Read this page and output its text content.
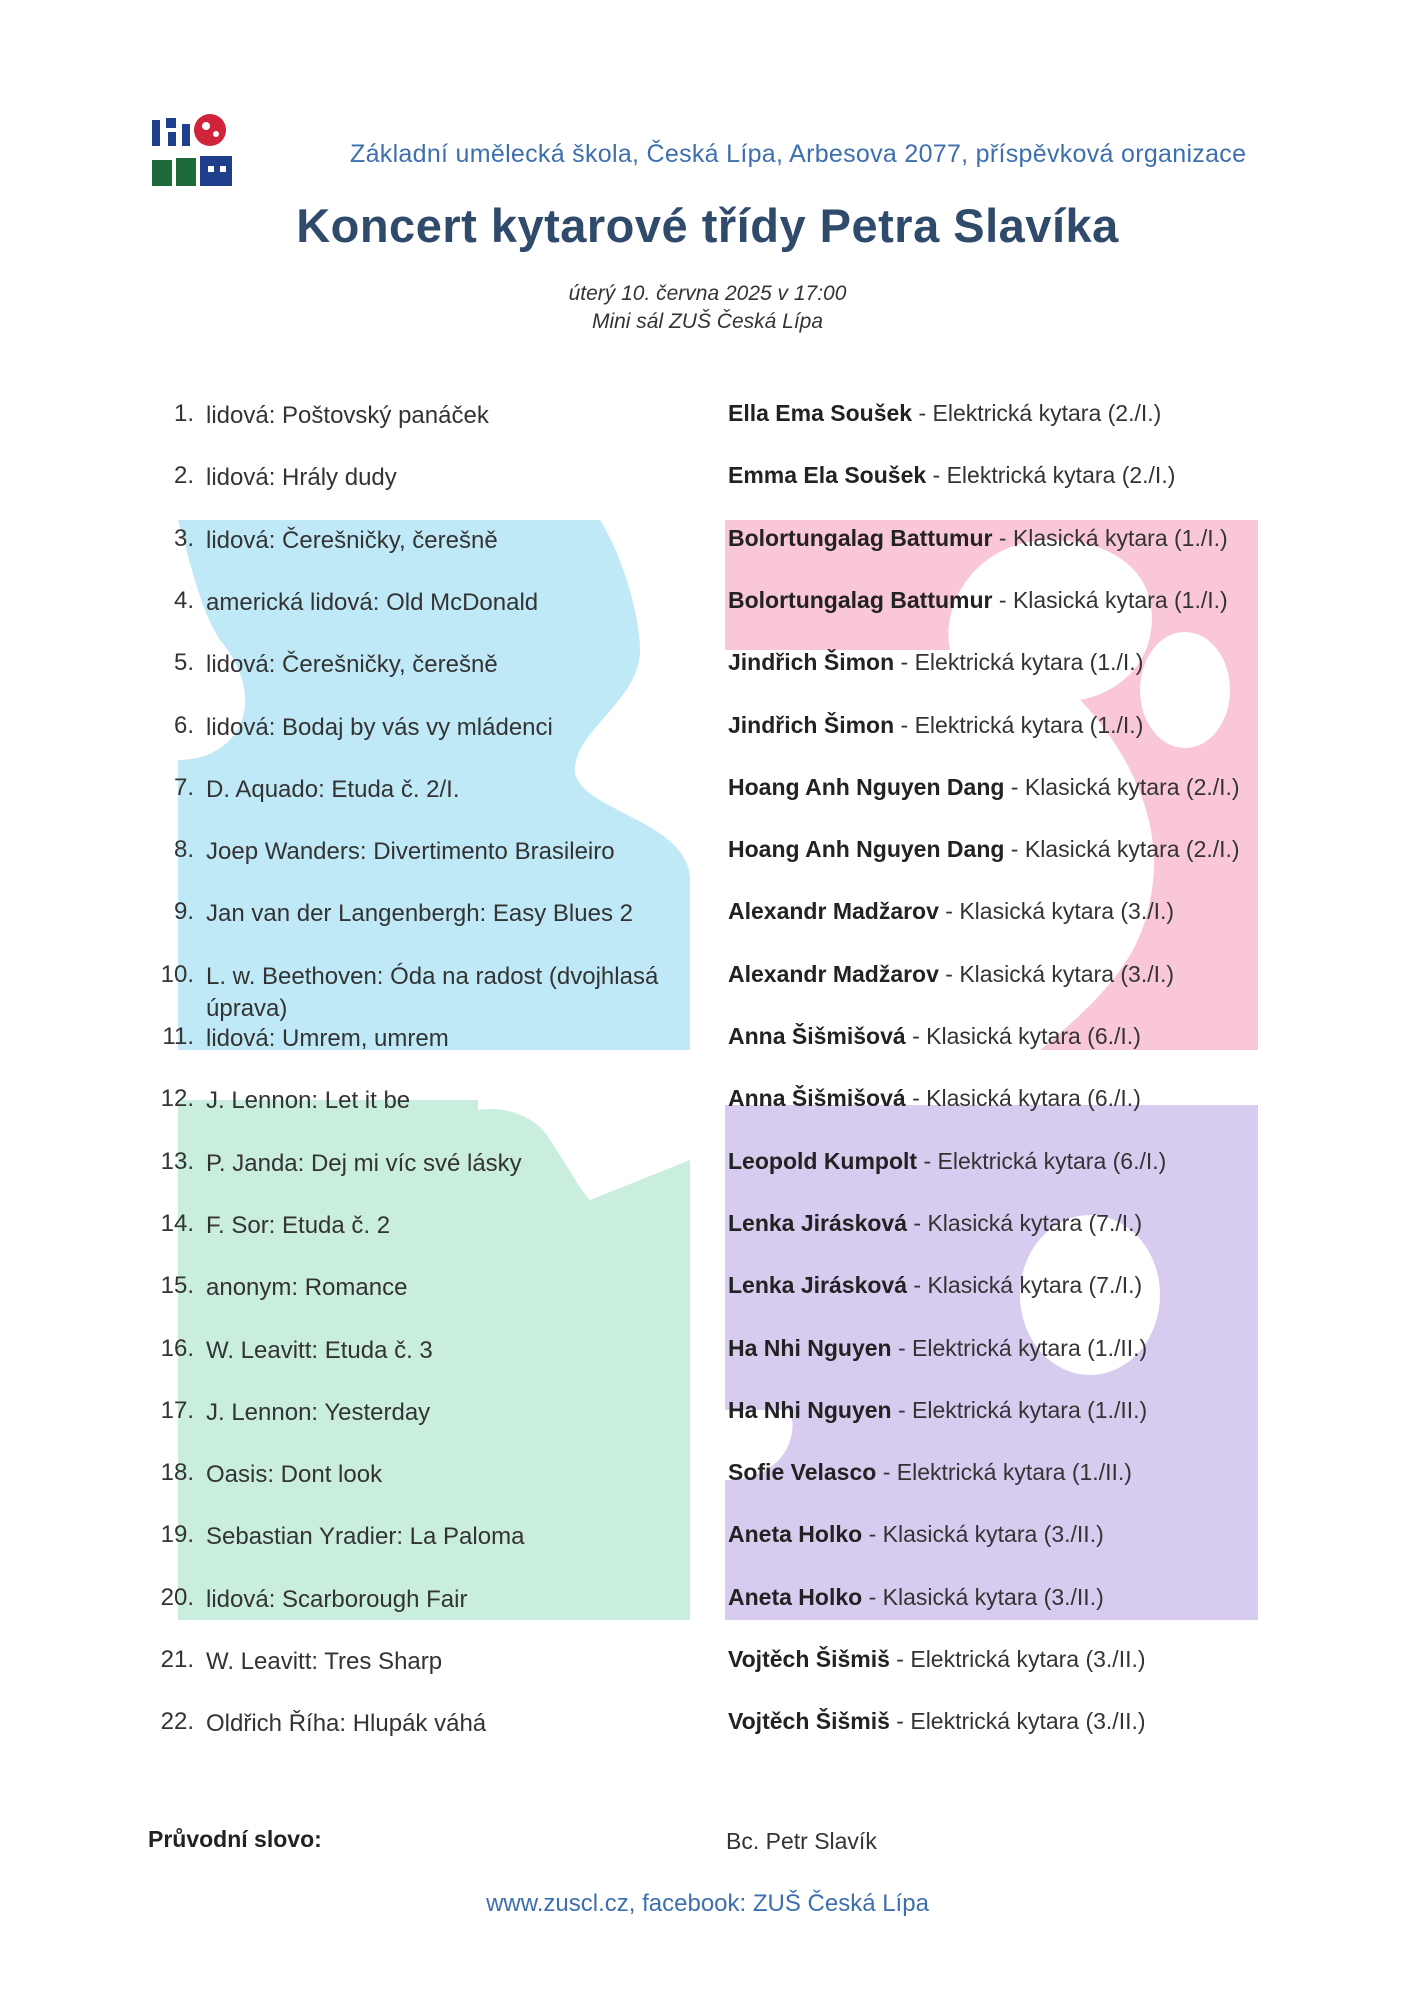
Základní umělecká škola, Česká Lípa, Arbesova 2077, příspěvková organizace
Koncert kytarové třídy Petra Slavíka
úterý 10. června 2025 v 17:00
Mini sál ZUŠ Česká Lípa
1. lidová: Poštovský panáček	Ella Ema Soušek - Elektrická kytara (2./I.)
2. lidová: Hrály dudy	Emma Ela Soušek - Elektrická kytara (2./I.)
3. lidová: Čerešničky, čerešně	Bolortungalag Battumur - Klasická kytara (1./I.)
4. americká lidová: Old McDonald	Bolortungalag Battumur - Klasická kytara (1./I.)
5. lidová: Čerešničky, čerešně	Jindřich Šimon - Elektrická kytara (1./I.)
6. lidová: Bodaj by vás vy mládenci	Jindřich Šimon - Elektrická kytara (1./I.)
7. D. Aquado: Etuda č. 2/I.	Hoang Anh Nguyen Dang - Klasická kytara (2./I.)
8. Joep Wanders: Divertimento Brasileiro	Hoang Anh Nguyen Dang - Klasická kytara (2./I.)
9. Jan van der Langenbergh: Easy Blues 2	Alexandr Madžarov - Klasická kytara (3./I.)
10. L. w. Beethoven: Óda na radost (dvojhlasá úprava)
Alexandr Madžarov - Klasická kytara (3./I.)
11. lidová: Umrem, umrem	Anna Šišmišová - Klasická kytara (6./I.)
12. J. Lennon: Let it be	Anna Šišmišová - Klasická kytara (6./I.)
13. P. Janda: Dej mi víc své lásky	Leopold Kumpolt - Elektrická kytara (6./I.)
14. F. Sor: Etuda č. 2	Lenka Jirásková - Klasická kytara (7./I.)
15. anonym: Romance	Lenka Jirásková - Klasická kytara (7./I.)
16. W. Leavitt: Etuda č. 3	Ha Nhi Nguyen - Elektrická kytara (1./II.)
17. J. Lennon: Yesterday	Ha Nhi Nguyen - Elektrická kytara (1./II.)
18. Oasis: Dont look	Sofie Velasco - Elektrická kytara (1./II.)
19. Sebastian Yradier: La Paloma	Aneta Holko - Klasická kytara (3./II.)
20. lidová: Scarborough Fair	Aneta Holko - Klasická kytara (3./II.)
21. W. Leavitt: Tres Sharp	Vojtěch Šišmiš - Elektrická kytara (3./II.)
22. Oldřich Říha: Hlupák váhá	Vojtěch Šišmiš - Elektrická kytara (3./II.)
Průvodní slovo:	Bc. Petr Slavík
www.zuscl.cz, facebook: ZUŠ Česká Lípa
